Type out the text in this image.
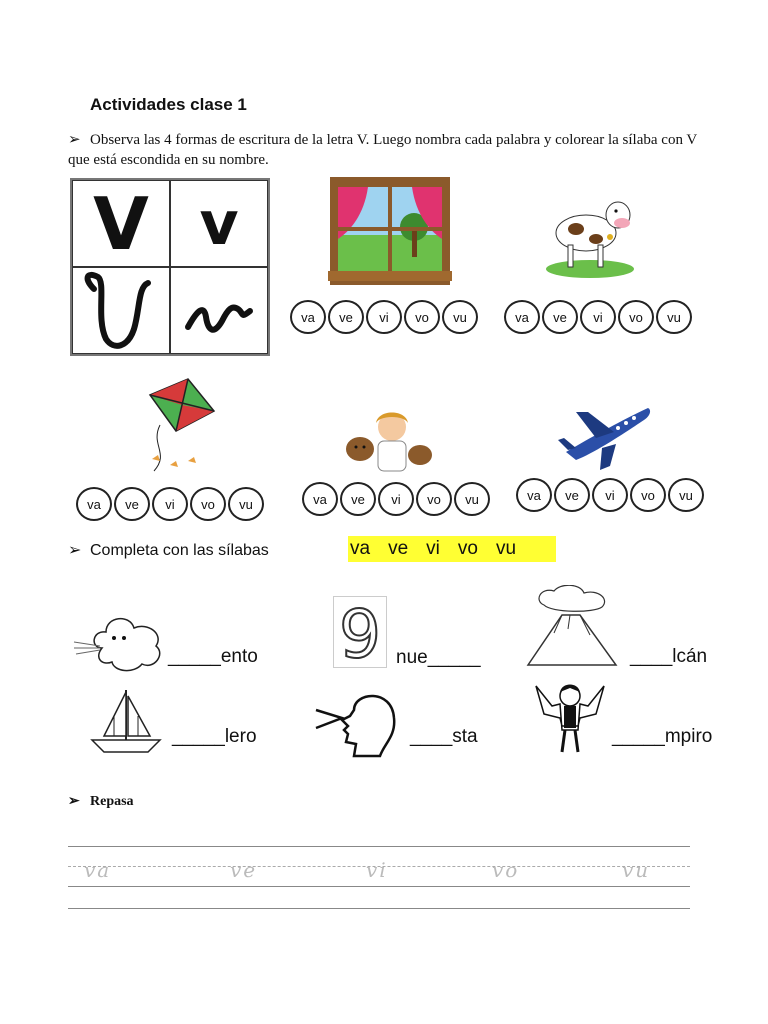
Actividades clase 1
➢ Observa las 4 formas de escritura de la letra V. Luego nombra cada palabra y colorear la sílaba con V que está escondida en su nombre.
V v
va	ve	vi	vo	vu	va	ve	vi	vo	vu
va	ve	vi	vo	vu	va	ve	vi	vo	vu	va	ve	vi	vo	vu
➢ Completa con las sílabas	va ve vi vo vu
_____ento 9 nue_____	____lcán
_____lero	____sta	_____mpiro
➢ Repasa
va	ve	vi	vo	vu
